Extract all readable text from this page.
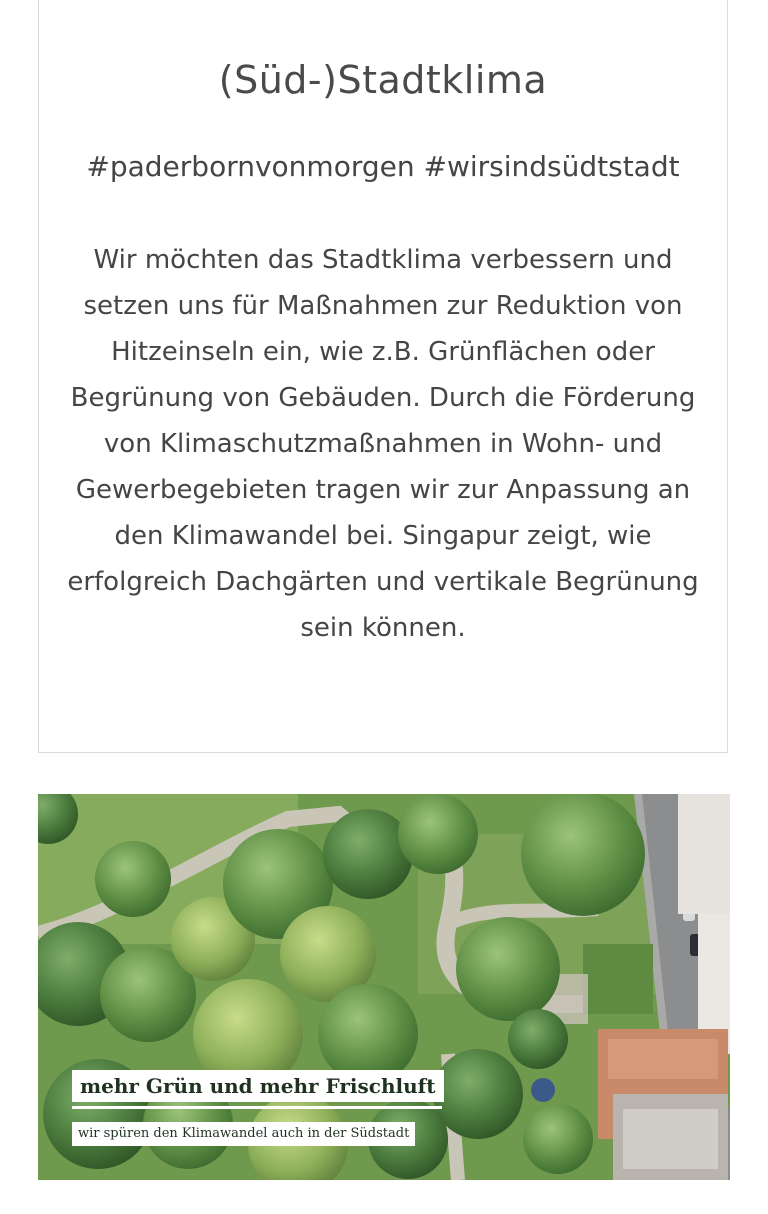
(Süd-)Stadtklima

#paderbornvonmorgen #wirsindsüdtstadt

Wir möchten das Stadtklima verbessern und setzen uns für Maßnahmen zur Reduktion von Hitzeinseln ein, wie z.B. Grünflächen oder Begrünung von Gebäuden. Durch die Förderung von Klimaschutzmaßnahmen in Wohn- und Gewerbegebieten tragen wir zur Anpassung an den Klimawandel bei. Singapur zeigt, wie erfolgreich Dachgärten und vertikale Begrünung sein können.

mehr Grün und mehr Frischluft
wir spüren den Klimawandel auch in der Südstadt
